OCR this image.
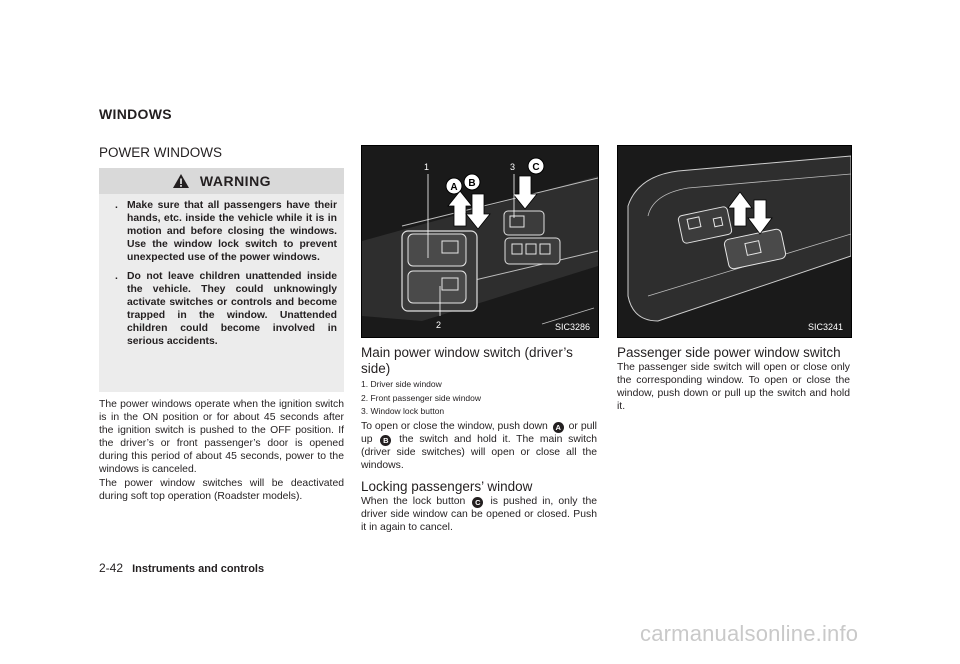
WINDOWS
POWER WINDOWS
WARNING
. Make sure that all passengers have their hands, etc. inside the vehicle while it is in motion and before closing the windows. Use the window lock switch to prevent unexpected use of the power windows.
. Do not leave children unattended inside the vehicle. They could unknowingly activate switches or controls and become trapped in the window. Unattended children could become involved in serious accidents.
The power windows operate when the ignition switch is in the ON position or for about 45 seconds after the ignition switch is pushed to the OFF position. If the driver’s or front passenger’s door is opened during this period of about 45 seconds, power to the windows is canceled.
The power window switches will be deactivated during soft top operation (Roadster models).
1
2
3
A B
C
SIC3286	SIC3241
Main power window switch (driver’s side)
1. Driver side window
2. Front passenger side window
3. Window lock button
To open or close the window, push down A or pull up B the switch and hold it. The main switch (driver side switches) will open or close all the windows.
Locking passengers’ window
When the lock button C is pushed in, only the driver side window can be opened or closed. Push it in again to cancel.
Passenger side power window switch
The passenger side switch will open or close only the corresponding window. To open or close the window, push down or pull up the switch and hold it.
2-42 Instruments and controls
carmanualsonline.info
